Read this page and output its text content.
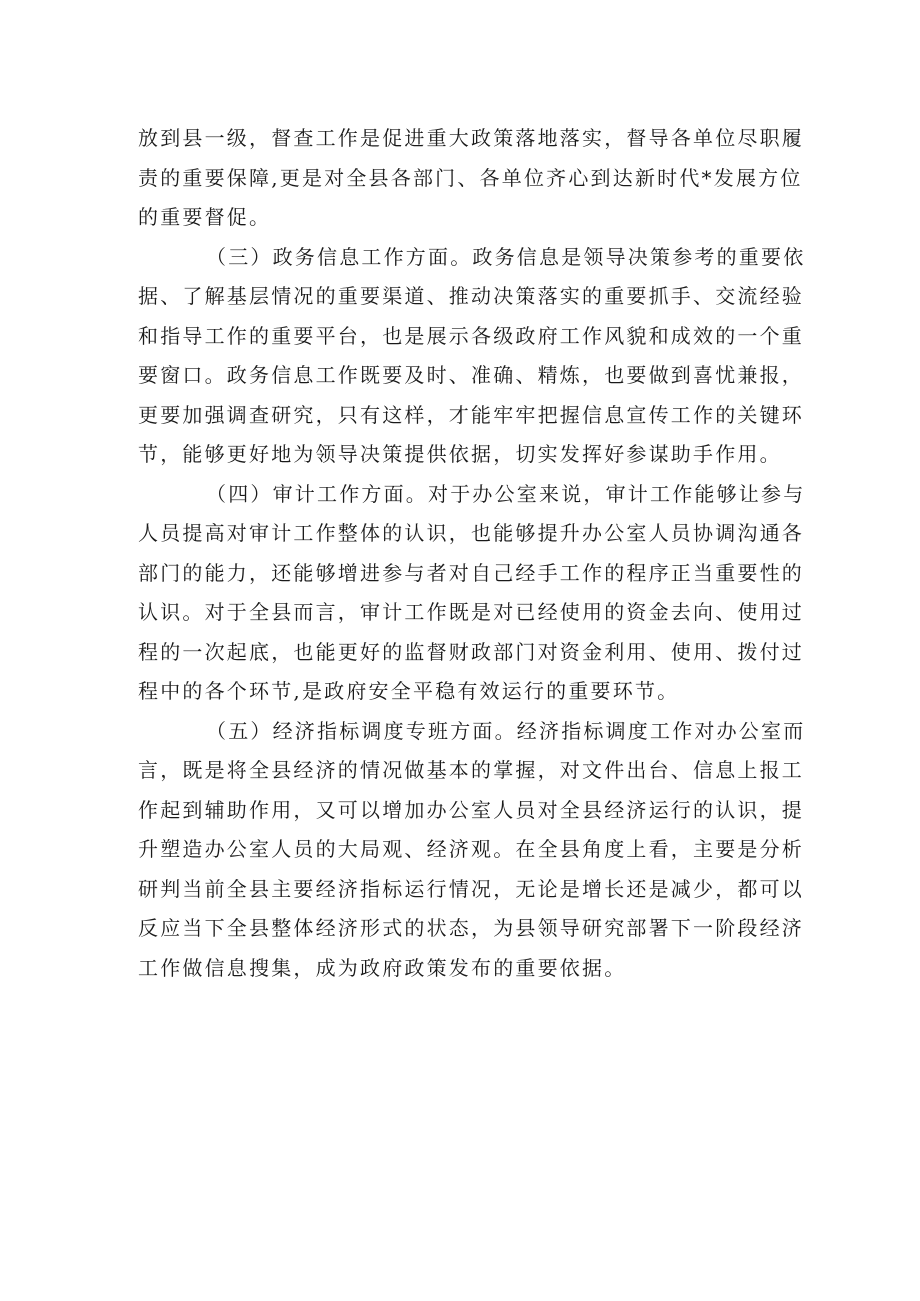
放到县一级，督查工作是促进重大政策落地落实，督导各单位尽职履
责的重要保障,更是对全县各部门、各单位齐心到达新时代*发展方位
的重要督促。
（三）政务信息工作方面。政务信息是领导决策参考的重要依
据、了解基层情况的重要渠道、推动决策落实的重要抓手、交流经验
和指导工作的重要平台，也是展示各级政府工作风貌和成效的一个重
要窗口。政务信息工作既要及时、准确、精炼，也要做到喜忧兼报，
更要加强调查研究，只有这样，才能牢牢把握信息宣传工作的关键环
节，能够更好地为领导决策提供依据，切实发挥好参谋助手作用。
（四）审计工作方面。对于办公室来说，审计工作能够让参与
人员提高对审计工作整体的认识，也能够提升办公室人员协调沟通各
部门的能力，还能够增进参与者对自己经手工作的程序正当重要性的
认识。对于全县而言，审计工作既是对已经使用的资金去向、使用过
程的一次起底，也能更好的监督财政部门对资金利用、使用、拨付过
程中的各个环节,是政府安全平稳有效运行的重要环节。
（五）经济指标调度专班方面。经济指标调度工作对办公室而
言，既是将全县经济的情况做基本的掌握，对文件出台、信息上报工
作起到辅助作用，又可以增加办公室人员对全县经济运行的认识，提
升塑造办公室人员的大局观、经济观。在全县角度上看，主要是分析
研判当前全县主要经济指标运行情况，无论是增长还是减少，都可以
反应当下全县整体经济形式的状态，为县领导研究部署下一阶段经济
工作做信息搜集，成为政府政策发布的重要依据。
